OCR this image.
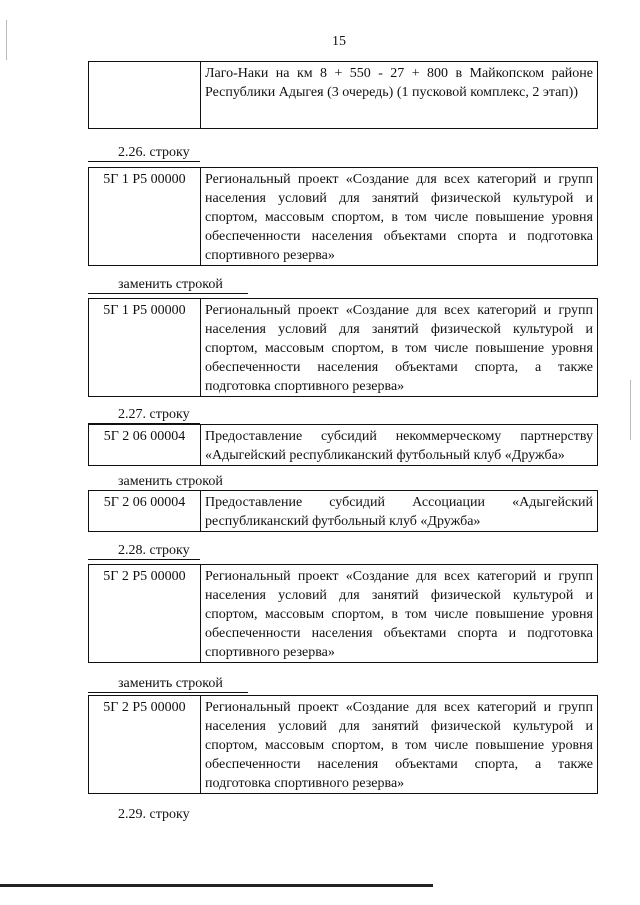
15
	Лаго-Наки на км 8 + 550 - 27 + 800 в Майкопском районе Республики Адыгея (3 очередь) (1 пусковой комплекс, 2 этап))
2.26. строку
5Г 1 Р5 00000	Региональный проект «Создание для всех категорий и групп населения условий для занятий физической культурой и спортом, массовым спортом, в том числе повышение уровня обеспеченности населения объектами спорта и подготовка спортивного резерва»
заменить строкой
5Г 1 Р5 00000	Региональный проект «Создание для всех категорий и групп населения условий для занятий физической культурой и спортом, массовым спортом, в том числе повышение уровня обеспеченности населения объектами спорта, а также подготовка спортивного резерва»
2.27. строку
5Г 2 06 00004	Предоставление субсидий некоммерческому партнерству «Адыгейский республиканский футбольный клуб «Дружба»
заменить строкой
5Г 2 06 00004	Предоставление субсидий Ассоциации «Адыгейский республиканский футбольный клуб «Дружба»
2.28. строку
5Г 2 Р5 00000	Региональный проект «Создание для всех категорий и групп населения условий для занятий физической культурой и спортом, массовым спортом, в том числе повышение уровня обеспеченности населения объектами спорта и подготовка спортивного резерва»
заменить строкой
5Г 2 Р5 00000	Региональный проект «Создание для всех категорий и групп населения условий для занятий физической культурой и спортом, массовым спортом, в том числе повышение уровня обеспеченности населения объектами спорта, а также подготовка спортивного резерва»
2.29. строку
